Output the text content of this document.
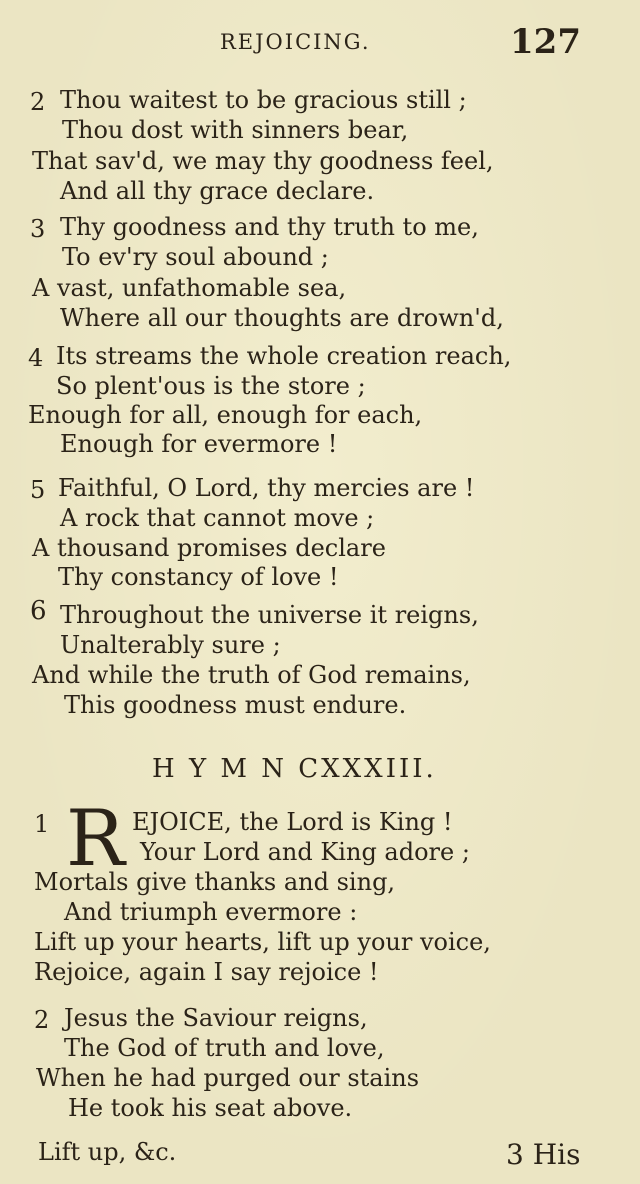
REJOICING.	127
2 Thou waitest to be gracious still ;
Thou dost with sinners bear,
That sav'd, we may thy goodness feel,
And all thy grace declare.
3 Thy goodness and thy truth to me,
To ev'ry soul abound ;
A vast, unfathomable sea,
Where all our thoughts are drown'd,
4 Its streams the whole creation reach,
So plent'ous is the store ;
Enough for all, enough for each,
Enough for evermore !
5 Faithful, O Lord, thy mercies are !
A rock that cannot move ;
A thousand promises declare
Thy constancy of love !
6 Throughout the universe it reigns,
Unalterably sure ;
And while the truth of God remains,
This goodness must endure.
H Y M N CXXXIII.
1 R EJOICE, the Lord is King !
Your Lord and King adore ;
Mortals give thanks and sing,
And triumph evermore :
Lift up your hearts, lift up your voice,
Rejoice, again I say rejoice !
2 Jesus the Saviour reigns,
The God of truth and love,
When he had purged our stains
He took his seat above.
Lift up, &c.	3 His
